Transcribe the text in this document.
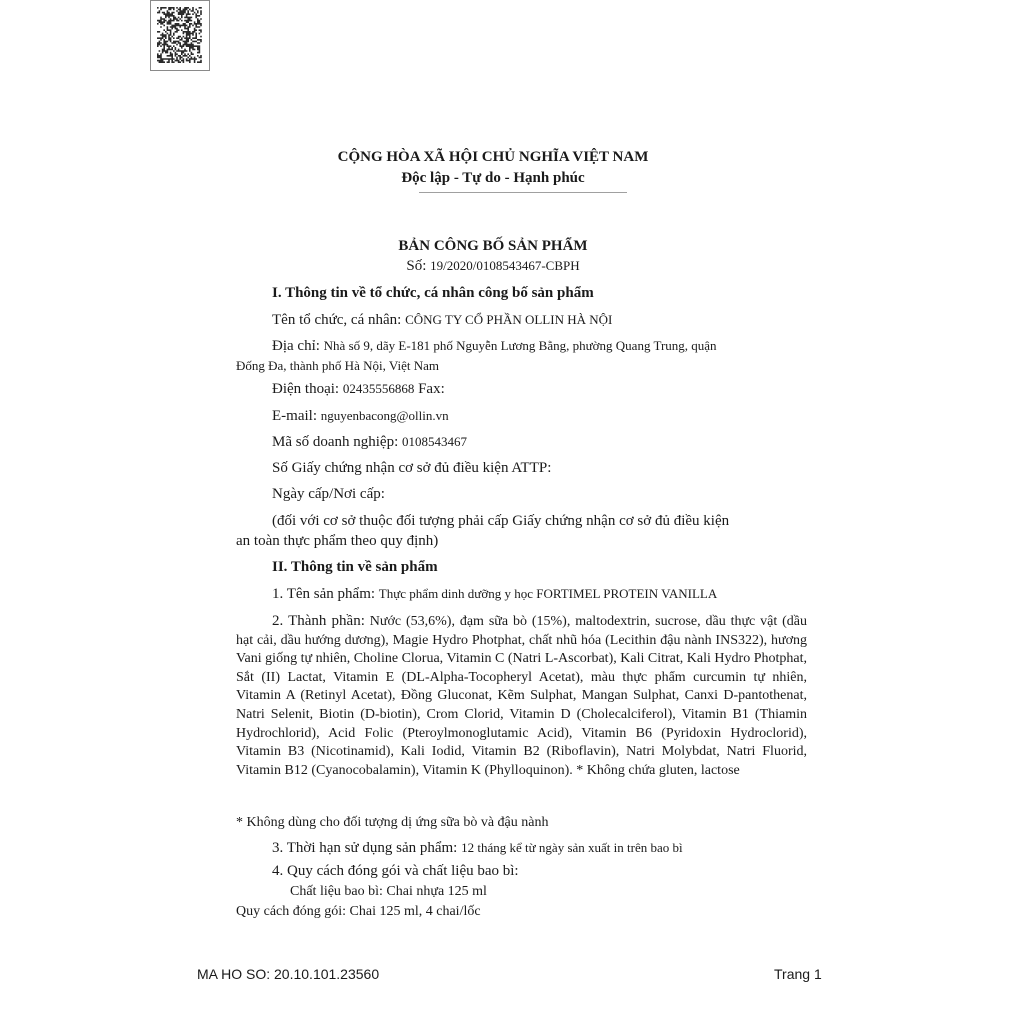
CỘNG HÒA XÃ HỘI CHỦ NGHĨA VIỆT NAM
Độc lập - Tự do - Hạnh phúc
BẢN CÔNG BỐ SẢN PHẨM
Số: 19/2020/0108543467-CBPH
I. Thông tin về tổ chức, cá nhân công bố sản phẩm
Tên tổ chức, cá nhân: CÔNG TY CỔ PHẦN OLLIN HÀ NỘI
Địa chỉ: Nhà số 9, dãy E-181 phố Nguyễn Lương Bằng, phường Quang Trung, quận
Đống Đa, thành phố Hà Nội, Việt Nam
Điện thoại: 02435556868 Fax:
E-mail: nguyenbacong@ollin.vn
Mã số doanh nghiệp: 0108543467
Số Giấy chứng nhận cơ sở đủ điều kiện ATTP:
Ngày cấp/Nơi cấp:
(đối với cơ sở thuộc đối tượng phải cấp Giấy chứng nhận cơ sở đủ điều kiện
an toàn thực phẩm theo quy định)
II. Thông tin về sản phẩm
1. Tên sản phẩm: Thực phẩm dinh dưỡng y học FORTIMEL PROTEIN VANILLA
2. Thành phần: Nước (53,6%), đạm sữa bò (15%), maltodextrin, sucrose, dầu thực vật (dầu hạt cải, dầu hướng dương), Magie Hydro Photphat, chất nhũ hóa (Lecithin đậu nành INS322), hương Vani giống tự nhiên, Choline Clorua, Vitamin C (Natri L-Ascorbat), Kali Citrat, Kali Hydro Photphat, Sắt (II) Lactat, Vitamin E (DL-Alpha-Tocopheryl Acetat), màu thực phẩm curcumin tự nhiên, Vitamin A (Retinyl Acetat), Đồng Gluconat, Kẽm Sulphat, Mangan Sulphat, Canxi D-pantothenat, Natri Selenit, Biotin (D-biotin), Crom Clorid, Vitamin D (Cholecalciferol), Vitamin B1 (Thiamin Hydrochlorid), Acid Folic (Pteroylmonoglutamic Acid), Vitamin B6 (Pyridoxin Hydroclorid), Vitamin B3 (Nicotinamid), Kali Iodid, Vitamin B2 (Riboflavin), Natri Molybdat, Natri Fluorid, Vitamin B12 (Cyanocobalamin), Vitamin K (Phylloquinon). * Không chứa gluten, lactose
* Không dùng cho đối tượng dị ứng sữa bò và đậu nành
3. Thời hạn sử dụng sản phẩm: 12 tháng kể từ ngày sản xuất in trên bao bì
4. Quy cách đóng gói và chất liệu bao bì:
Chất liệu bao bì: Chai nhựa 125 ml
Quy cách đóng gói: Chai 125 ml, 4 chai/lốc
MA HO SO: 20.10.101.23560	Trang 1
